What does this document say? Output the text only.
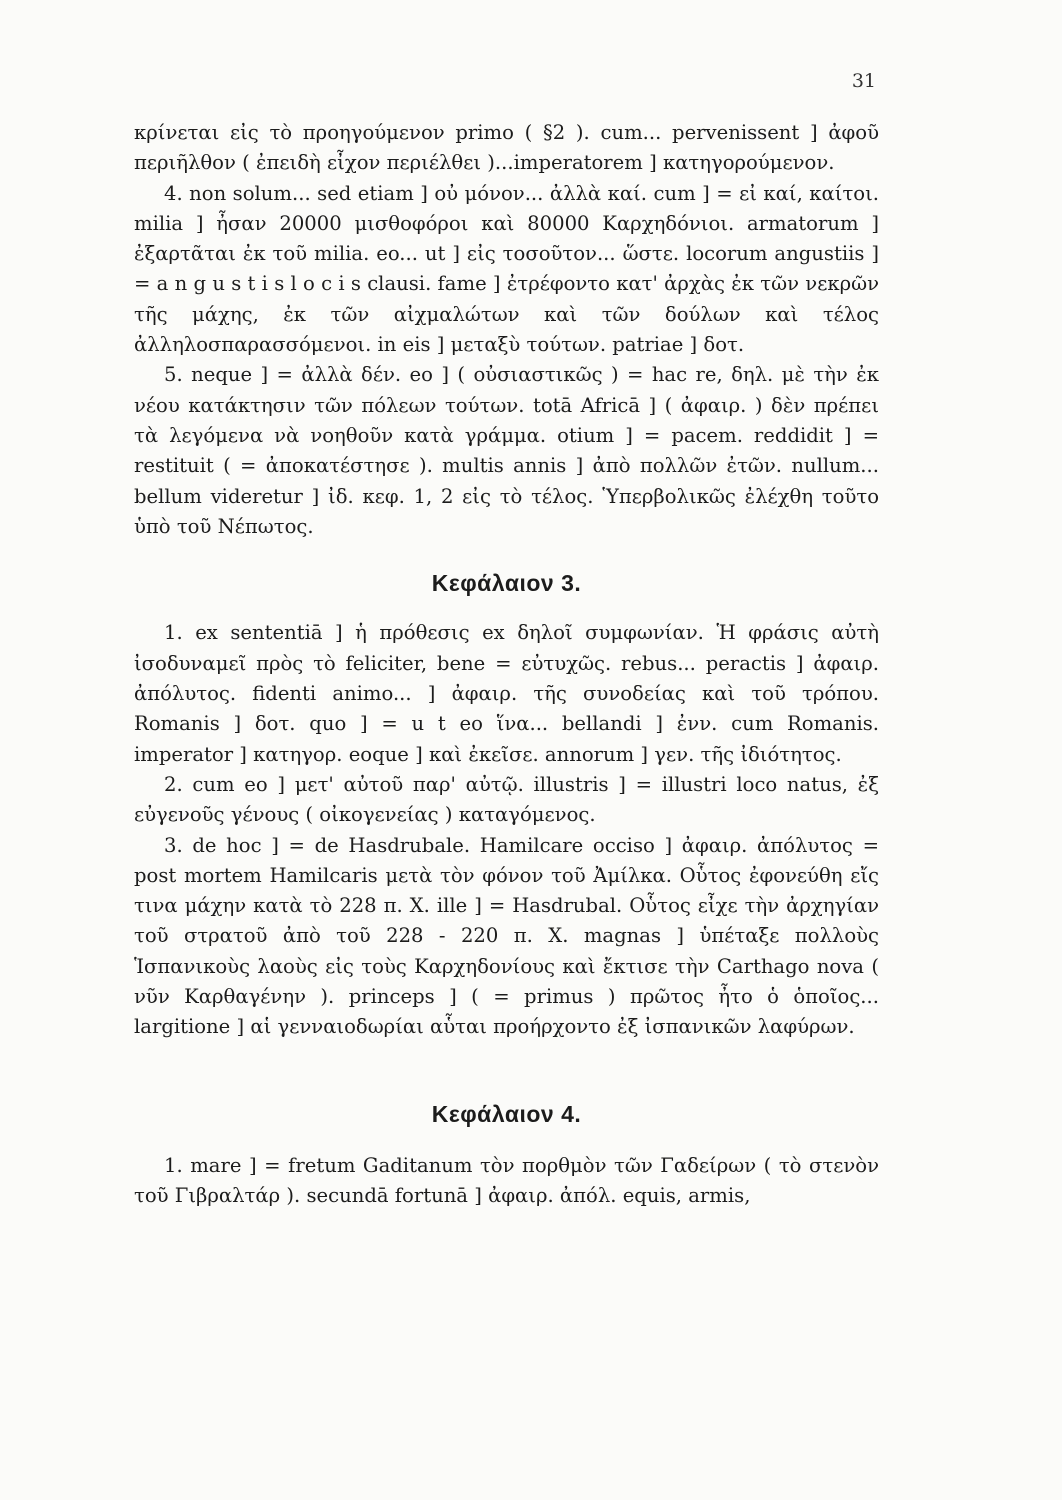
31

κρίνεται εἰς τὸ προηγούμενον primo ( §2 ). cum... pervenissent ] ἀφοῦ περιῆλθον ( ἐπειδὴ εἶχον περιέλθει )...imperatorem ] κατηγορούμενον.

4. non solum... sed etiam ] οὐ μόνον... ἀλλὰ καί. cum ] = εἰ καί, καίτοι. milia ] ἦσαν 20000 μισθοφόροι καὶ 80000 Καρχηδόνιοι. armatorum ] ἐξαρτᾶται ἐκ τοῦ milia. eo... ut ] εἰς τοσοῦτον... ὥστε. locorum angustiis ] = a n g u s t i s l o c i s clausi. fame ] ἐτρέφοντο κατ' ἀρχὰς ἐκ τῶν νεκρῶν τῆς μάχης, ἐκ τῶν αἰχμαλώτων καὶ τῶν δούλων καὶ τέλος ἀλληλοσπαρασσόμενοι. in eis ] μεταξὺ τούτων. patriae ] δοτ.

5. neque ] = ἀλλὰ δέν. eo ] ( οὐσιαστικῶς ) = hac re, δηλ. μὲ τὴν ἐκ νέου κατάκτησιν τῶν πόλεων τούτων. totā Africā ] ( ἀφαιρ. ) δὲν πρέπει τὰ λεγόμενα νὰ νοηθοῦν κατὰ γράμμα. otium ] = pacem. reddidit ] = restituit ( = ἀποκατέστησε ). multis annis ] ἀπὸ πολλῶν ἐτῶν. nullum... bellum videretur ] ἰδ. κεφ. 1, 2 εἰς τὸ τέλος. Ὑπερβολικῶς ἐλέχθη τοῦτο ὑπὸ τοῦ Νέπωτος.

Κεφάλαιον 3.

1. ex sententiā ] ἡ πρόθεσις ex δηλοῖ συμφωνίαν. Ἡ φράσις αὐτὴ ἰσοδυναμεῖ πρὸς τὸ feliciter, bene = εὐτυχῶς. rebus... peractis ] ἀφαιρ. ἀπόλυτος. fidenti animo... ] ἀφαιρ. τῆς συνοδείας καὶ τοῦ τρόπου. Romanis ] δοτ. quo ] = u t eo ἵνα... bellandi ] ἐνν. cum Romanis. imperator ] κατηγορ. eoque ] καὶ ἐκεῖσε. annorum ] γεν. τῆς ἰδιότητος.

2. cum eo ] μετ' αὐτοῦ παρ' αὐτῷ. illustris ] = illustri loco natus, ἐξ εὐγενοῦς γένους ( οἰκογενείας ) καταγόμενος.

3. de hoc ] = de Hasdrubale. Hamilcare occiso ] ἀφαιρ. ἀπόλυτος = post mortem Hamilcaris μετὰ τὸν φόνον τοῦ Ἀμίλκα. Οὗτος ἐφονεύθη εἴς τινα μάχην κατὰ τὸ 228 π. Χ. ille ] = Hasdrubal. Οὗτος εἶχε τὴν ἀρχηγίαν τοῦ στρατοῦ ἀπὸ τοῦ 228 - 220 π. Χ. magnas ] ὑπέταξε πολλοὺς Ἱσπανικοὺς λαοὺς εἰς τοὺς Καρχηδονίους καὶ ἔκτισε τὴν Carthago nova ( νῦν Καρθαγένην ). princeps ] ( = primus ) πρῶτος ἦτο ὁ ὁποῖος... largitione ] αἱ γενναιοδωρίαι αὗται προήρχοντο ἐξ ἰσπανικῶν λαφύρων.

Κεφάλαιον 4.

1. mare ] = fretum Gaditanum τὸν πορθμὸν τῶν Γαδείρων ( τὸ στενὸν τοῦ Γιβραλτάρ ). secundā fortunā ] ἀφαιρ. ἀπόλ. equis, armis,
